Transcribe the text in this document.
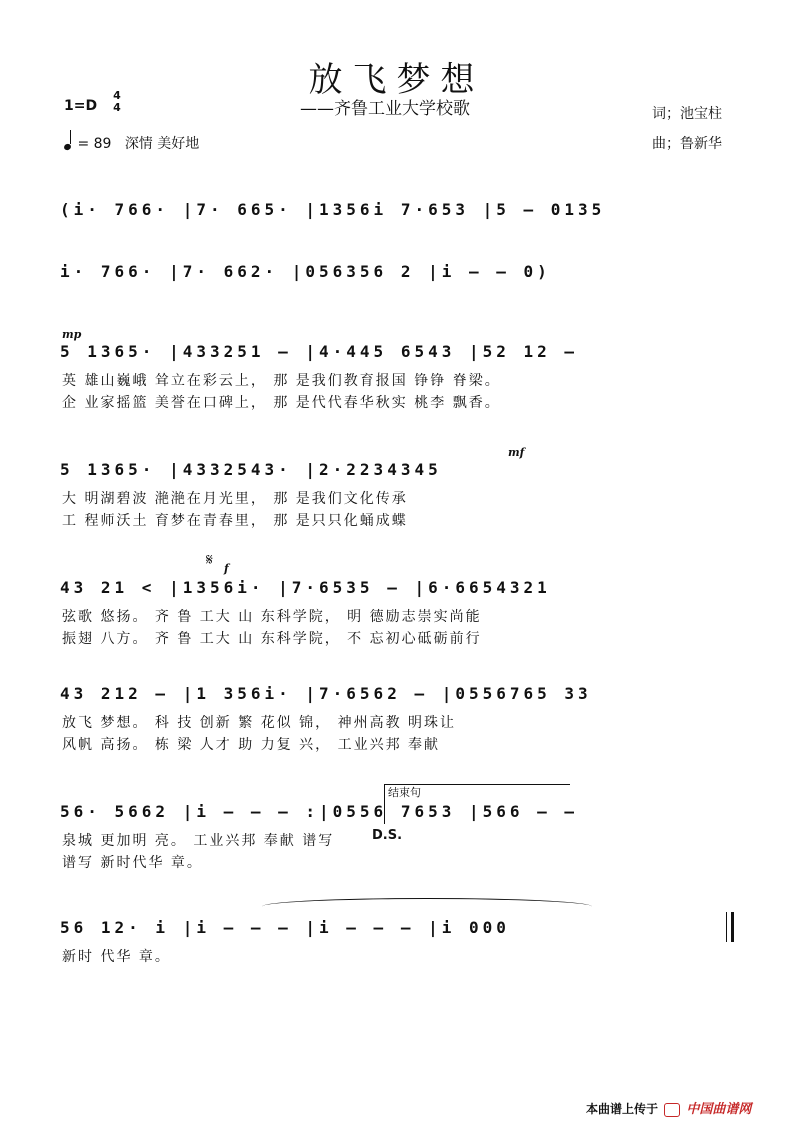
放飞梦想
——齐鲁工业大学校歌
1=D
4
4
= 89 深情 美好地
词；池宝柱
曲；鲁新华
(i· 766· |7· 665· |1356i 7·653 |5 – 0135
i· 766· |7· 662· |056356 2 |i – – 0)
mp
5 1365· |433251 – |4·445 6543 |52 12 –
英 雄山巍峨 耸立在彩云上， 那 是我们教育报国 铮铮 脊梁。
企 业家摇篮 美誉在口碑上， 那 是代代春华秋实 桃李 飘香。
mf
5 1365· |4332543· |2·2234345
大 明湖碧波 滟滟在月光里， 那 是我们文化传承
工 程师沃土 育梦在青春里， 那 是只只化蛹成蝶
𝄋 f
43 21 < |1356i· |7·6535 – |6·6654321
弦歌 悠扬。 齐 鲁 工大 山 东科学院， 明 德励志崇实尚能
振翅 八方。 齐 鲁 工大 山 东科学院， 不 忘初心砥砺前行
43 212 – |1 356i· |7·6562 – |0556765 33
放飞 梦想。 科 技 创新 繁 花似 锦， 神州高教 明珠让
风帆 高扬。 栋 梁 人才 助 力复 兴， 工业兴邦 奉献
结束句
56· 5662 |i – – – :|0556 7653 |566 – –
泉城 更加明 亮。 工业兴邦 奉献 谱写	D.S.
谱写 新时代华 章。
56 12· i |i – – – |i – – – |i 000
新时 代华 章。
本曲谱上传于 中国曲谱网
